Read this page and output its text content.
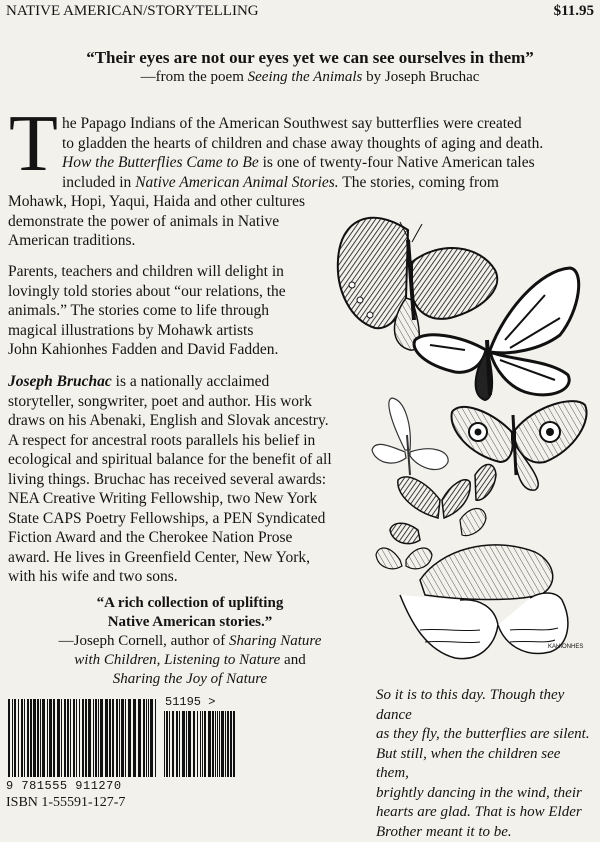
NATIVE AMERICAN/STORYTELLING	$11.95
“Their eyes are not our eyes yet we can see ourselves in them”
—from the poem Seeing the Animals by Joseph Bruchac
T he Papago Indians of the American Southwest say butterflies were created
to gladden the hearts of children and chase away thoughts of aging and death.
How the Butterflies Came to Be is one of twenty-four Native American tales
included in Native American Animal Stories. The stories, coming from
Mohawk, Hopi, Yaqui, Haida and other cultures
demonstrate the power of animals in Native
American traditions.
Parents, teachers and children will delight in
lovingly told stories about “our relations, the
animals.” The stories come to life through
magical illustrations by Mohawk artists
John Kahionhes Fadden and David Fadden.
Joseph Bruchac is a nationally acclaimed
storyteller, songwriter, poet and author. His work
draws on his Abenaki, English and Slovak ancestry.
A respect for ancestral roots parallels his belief in
ecological and spiritual balance for the benefit of all
living things. Bruchac has received several awards:
NEA Creative Writing Fellowship, two New York
State CAPS Poetry Fellowships, a PEN Syndicated
Fiction Award and the Cherokee Nation Prose
award. He lives in Greenfield Center, New York,
with his wife and two sons.
“A rich collection of uplifting
Native American stories.”
—Joseph Cornell, author of Sharing Nature
with Children, Listening to Nature and
Sharing the Joy of Nature
So it is to this day. Though they dance
as they fly, the butterflies are silent.
But still, when the children see them,
brightly dancing in the wind, their
hearts are glad. That is how Elder
Brother meant it to be.
51195 >
9 781555 911270
ISBN 1-55591-127-7
KAHIONHES
